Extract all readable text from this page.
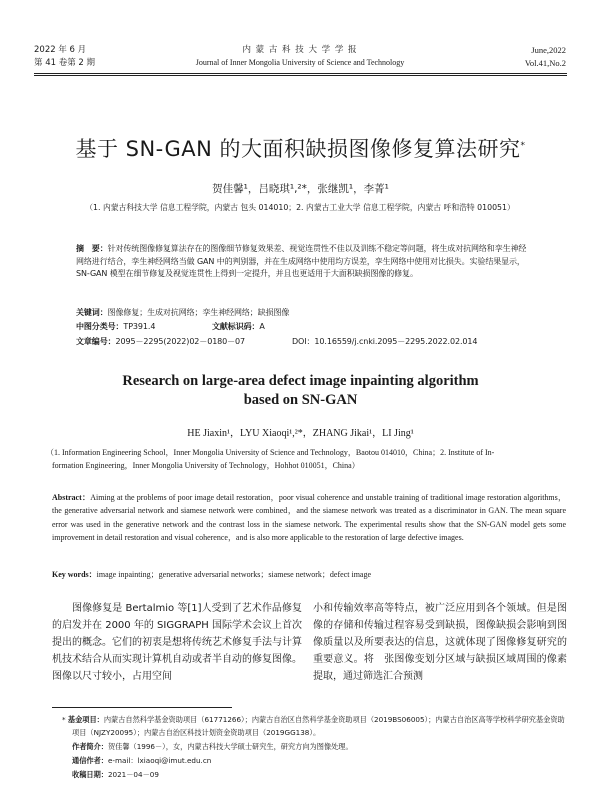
2022 年 6 月
第 41 卷第 2 期
内 蒙 古 科 技 大 学 学 报
Journal of Inner Mongolia University of Science and Technology
June,2022
Vol.41,No.2
基于 SN-GAN 的大面积缺损图像修复算法研究*
贺佳馨¹，吕晓琪¹,²*，张继凯¹，李菁¹
（1. 内蒙古科技大学 信息工程学院，内蒙古 包头 014010；2. 内蒙古工业大学 信息工程学院，内蒙古 呼和浩特 010051）
摘　要：针对传统图像修复算法存在的图像细节修复效果差、视觉连贯性不佳以及训练不稳定等问题，将生成对抗网络和孪生神经网络进行结合，孪生神经网络当做 GAN 中的判别器，并在生成网络中使用均方误差，孪生网络中使用对比损失。实验结果显示，SN-GAN 模型在细节修复及视觉连贯性上得到一定提升，并且也更适用于大面积缺损图像的修复。
关键词：图像修复；生成对抗网络；孪生神经网络；缺损图像
中图分类号：TP391.4	文献标识码：A
文章编号：2095－2295(2022)02－0180－07	DOI：10.16559/j.cnki.2095－2295.2022.02.014
Research on large-area defect image inpainting algorithm
based on SN-GAN
HE Jiaxin¹，LYU Xiaoqi¹,²*，ZHANG Jikai¹，LI Jing¹
（1. Information Engineering School，Inner Mongolia University of Science and Technology，Baotou 014010，China；2. Institute of In-
formation Engineering，Inner Mongolia University of Technology，Hohhot 010051，China）
Abstract：Aiming at the problems of poor image detail restoration，poor visual coherence and unstable training of traditional image restoration algorithms，the generative adversarial network and siamese network were combined，and the siamese network was treated as a discriminator in GAN. The mean square error was used in the generative network and the contrast loss in the siamese network. The experimental results show that the SN-GAN model gets some improvement in detail restoration and visual coherence，and is also more applicable to the restoration of large defective images.
Key words：image inpainting；generative adversarial networks；siamese network；defect image
　　图像修复是 Bertalmio 等[1]人受到了艺术作品修复的启发并在 2000 年的 SIGGRAPH 国际学术会议上首次提出的概念。它们的初衷是想将传统艺术修复手法与计算机技术结合从而实现计算机自动或者半自动的修复图像。图像以尺寸较小，占用空间
小和传输效率高等特点，被广泛应用到各个领域。但是图像的存储和传输过程容易受到缺损，图像缺损会影响到图像质量以及所要表达的信息，这就体现了图像修复研究的重要意义。将　张图像变划分区域与缺损区域周围的像素提取，通过筛选汇合预测
* 基金项目：内蒙古自然科学基金资助项目（61771266）；内蒙古自治区自然科学基金资助项目（2019BS06005）；内蒙古自治区高等学校科学研究基金资助项目（NJZY20095）；内蒙古自治区科技计划资金资助项目（2019GG138）。
作者简介：贺佳馨（1996－），女，内蒙古科技大学硕士研究生，研究方向为图像处理。
通信作者：e-mail：lxiaoqi@imut.edu.cn
收稿日期：2021－04－09
